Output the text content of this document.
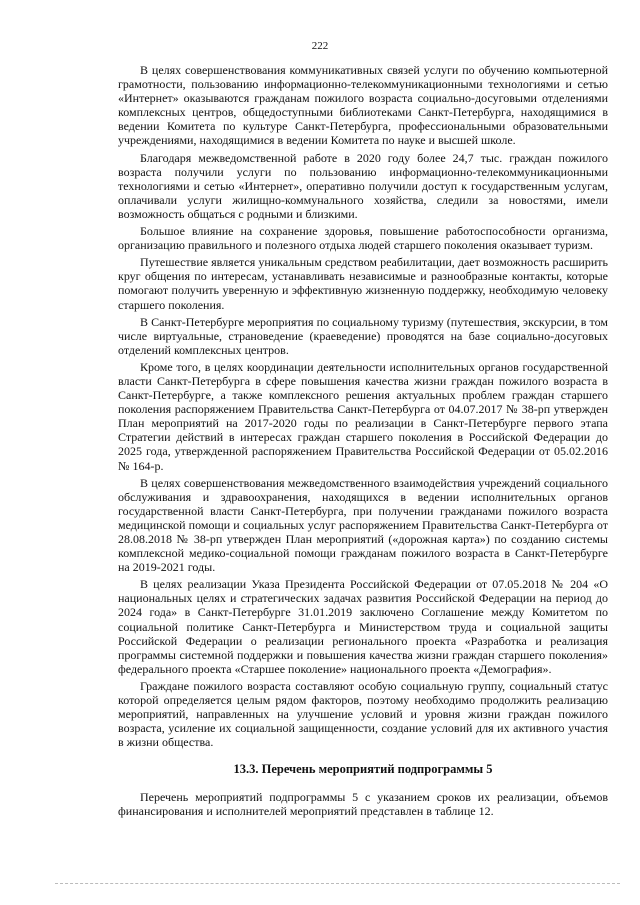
222

В целях совершенствования коммуникативных связей услуги по обучению компьютерной грамотности, пользованию информационно-телекоммуникационными технологиями и сетью «Интернет» оказываются гражданам пожилого возраста социально-досуговыми отделениями комплексных центров, общедоступными библиотеками Санкт-Петербурга, находящимися в ведении Комитета по культуре Санкт-Петербурга, профессиональными образовательными учреждениями, находящимися в ведении Комитета по науке и высшей школе.

Благодаря межведомственной работе в 2020 году более 24,7 тыс. граждан пожилого возраста получили услуги по пользованию информационно-телекоммуникационными технологиями и сетью «Интернет», оперативно получили доступ к государственным услугам, оплачивали услуги жилищно-коммунального хозяйства, следили за новостями, имели возможность общаться с родными и близкими.

Большое влияние на сохранение здоровья, повышение работоспособности организма, организацию правильного и полезного отдыха людей старшего поколения оказывает туризм.

Путешествие является уникальным средством реабилитации, дает возможность расширить круг общения по интересам, устанавливать независимые и разнообразные контакты, которые помогают получить уверенную и эффективную жизненную поддержку, необходимую человеку старшего поколения.

В Санкт-Петербурге мероприятия по социальному туризму (путешествия, экскурсии, в том числе виртуальные, страноведение (краеведение) проводятся на базе социально-досуговых отделений комплексных центров.

Кроме того, в целях координации деятельности исполнительных органов государственной власти Санкт-Петербурга в сфере повышения качества жизни граждан пожилого возраста в Санкт-Петербурге, а также комплексного решения актуальных проблем граждан старшего поколения распоряжением Правительства Санкт-Петербурга от 04.07.2017 № 38-рп утвержден План мероприятий на 2017-2020 годы по реализации в Санкт-Петербурге первого этапа Стратегии действий в интересах граждан старшего поколения в Российской Федерации до 2025 года, утвержденной распоряжением Правительства Российской Федерации от 05.02.2016 № 164-р.

В целях совершенствования межведомственного взаимодействия учреждений социального обслуживания и здравоохранения, находящихся в ведении исполнительных органов государственной власти Санкт-Петербурга, при получении гражданами пожилого возраста медицинской помощи и социальных услуг распоряжением Правительства Санкт-Петербурга от 28.08.2018 № 38-рп утвержден План мероприятий («дорожная карта») по созданию системы комплексной медико-социальной помощи гражданам пожилого возраста в Санкт-Петербурге на 2019-2021 годы.

В целях реализации Указа Президента Российской Федерации от 07.05.2018 № 204 «О национальных целях и стратегических задачах развития Российской Федерации на период до 2024 года» в Санкт-Петербурге 31.01.2019 заключено Соглашение между Комитетом по социальной политике Санкт-Петербурга и Министерством труда и социальной защиты Российской Федерации о реализации регионального проекта «Разработка и реализация программы системной поддержки и повышения качества жизни граждан старшего поколения» федерального проекта «Старшее поколение» национального проекта «Демография».

Граждане пожилого возраста составляют особую социальную группу, социальный статус которой определяется целым рядом факторов, поэтому необходимо продолжить реализацию мероприятий, направленных на улучшение условий и уровня жизни граждан пожилого возраста, усиление их социальной защищенности, создание условий для их активного участия в жизни общества.

13.3. Перечень мероприятий подпрограммы 5

Перечень мероприятий подпрограммы 5 с указанием сроков их реализации, объемов финансирования и исполнителей мероприятий представлен в таблице 12.
